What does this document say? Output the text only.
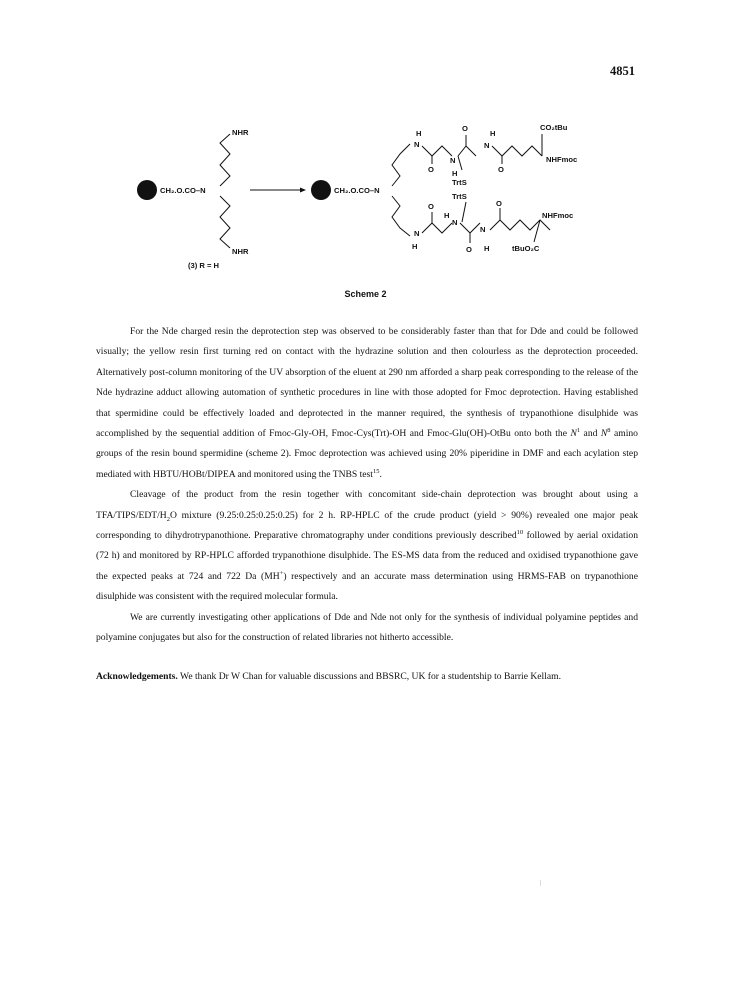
4851
CH₂.O.CO–N
NHR
NHR
(3) R = H
CH₂.O.CO–N
H
N
O
N
H
O
TrtS
H
N
O
CO₂tBu
NHFmoc
N
H
O
H
N
O
TrtS
N
H
O
NHFmoc
tBuO₂C
Scheme 2

For the Nde charged resin the deprotection step was observed to be considerably faster than that for Dde and could be followed visually; the yellow resin first turning red on contact with the hydrazine solution and then colourless as the deprotection proceeded. Alternatively post-column monitoring of the UV absorption of the eluent at 290 nm afforded a sharp peak corresponding to the release of the Nde hydrazine adduct allowing automation of synthetic procedures in line with those adopted for Fmoc deprotection. Having established that spermidine could be effectively loaded and deprotected in the manner required, the synthesis of trypanothione disulphide was accomplished by the sequential addition of Fmoc-Gly-OH, Fmoc-Cys(Trt)-OH and Fmoc-Glu(OH)-OtBu onto both the $N^1$ and $N^8$ amino groups of the resin bound spermidine (scheme 2). Fmoc deprotection was achieved using 20% piperidine in DMF and each acylation step mediated with HBTU/HOBt/DIPEA and monitored using the TNBS test$^{15}$.

Cleavage of the product from the resin together with concomitant side-chain deprotection was brought about using a TFA/$TIPS/EDT/H_2O$ mixture (9.25:0.25:0.25:0.25) for 2 h. RP-HPLC of the crude product (yield > 90%) revealed one major peak corresponding to dihydrotrypanothione. Preparative chromatography under conditions previously described$^{10}$ followed by aerial oxidation (72 h) and monitored by RP-HPLC afforded trypanothione disulphide. The ES-MS data from the reduced and oxidised trypanothione gave the expected peaks at 724 and 722 Da (MH+) respectively and an accurate mass determination using HRMS-FAB on trypanothione disulphide was consistent with the required molecular formula.

We are currently investigating other applications of Dde and Nde not only for the synthesis of individual polyamine peptides and polyamine conjugates but also for the construction of related libraries not hitherto accessible.

Acknowledgements. We thank Dr W Chan for valuable discussions and BBSRC, UK for a studentship to Barrie Kellam.
